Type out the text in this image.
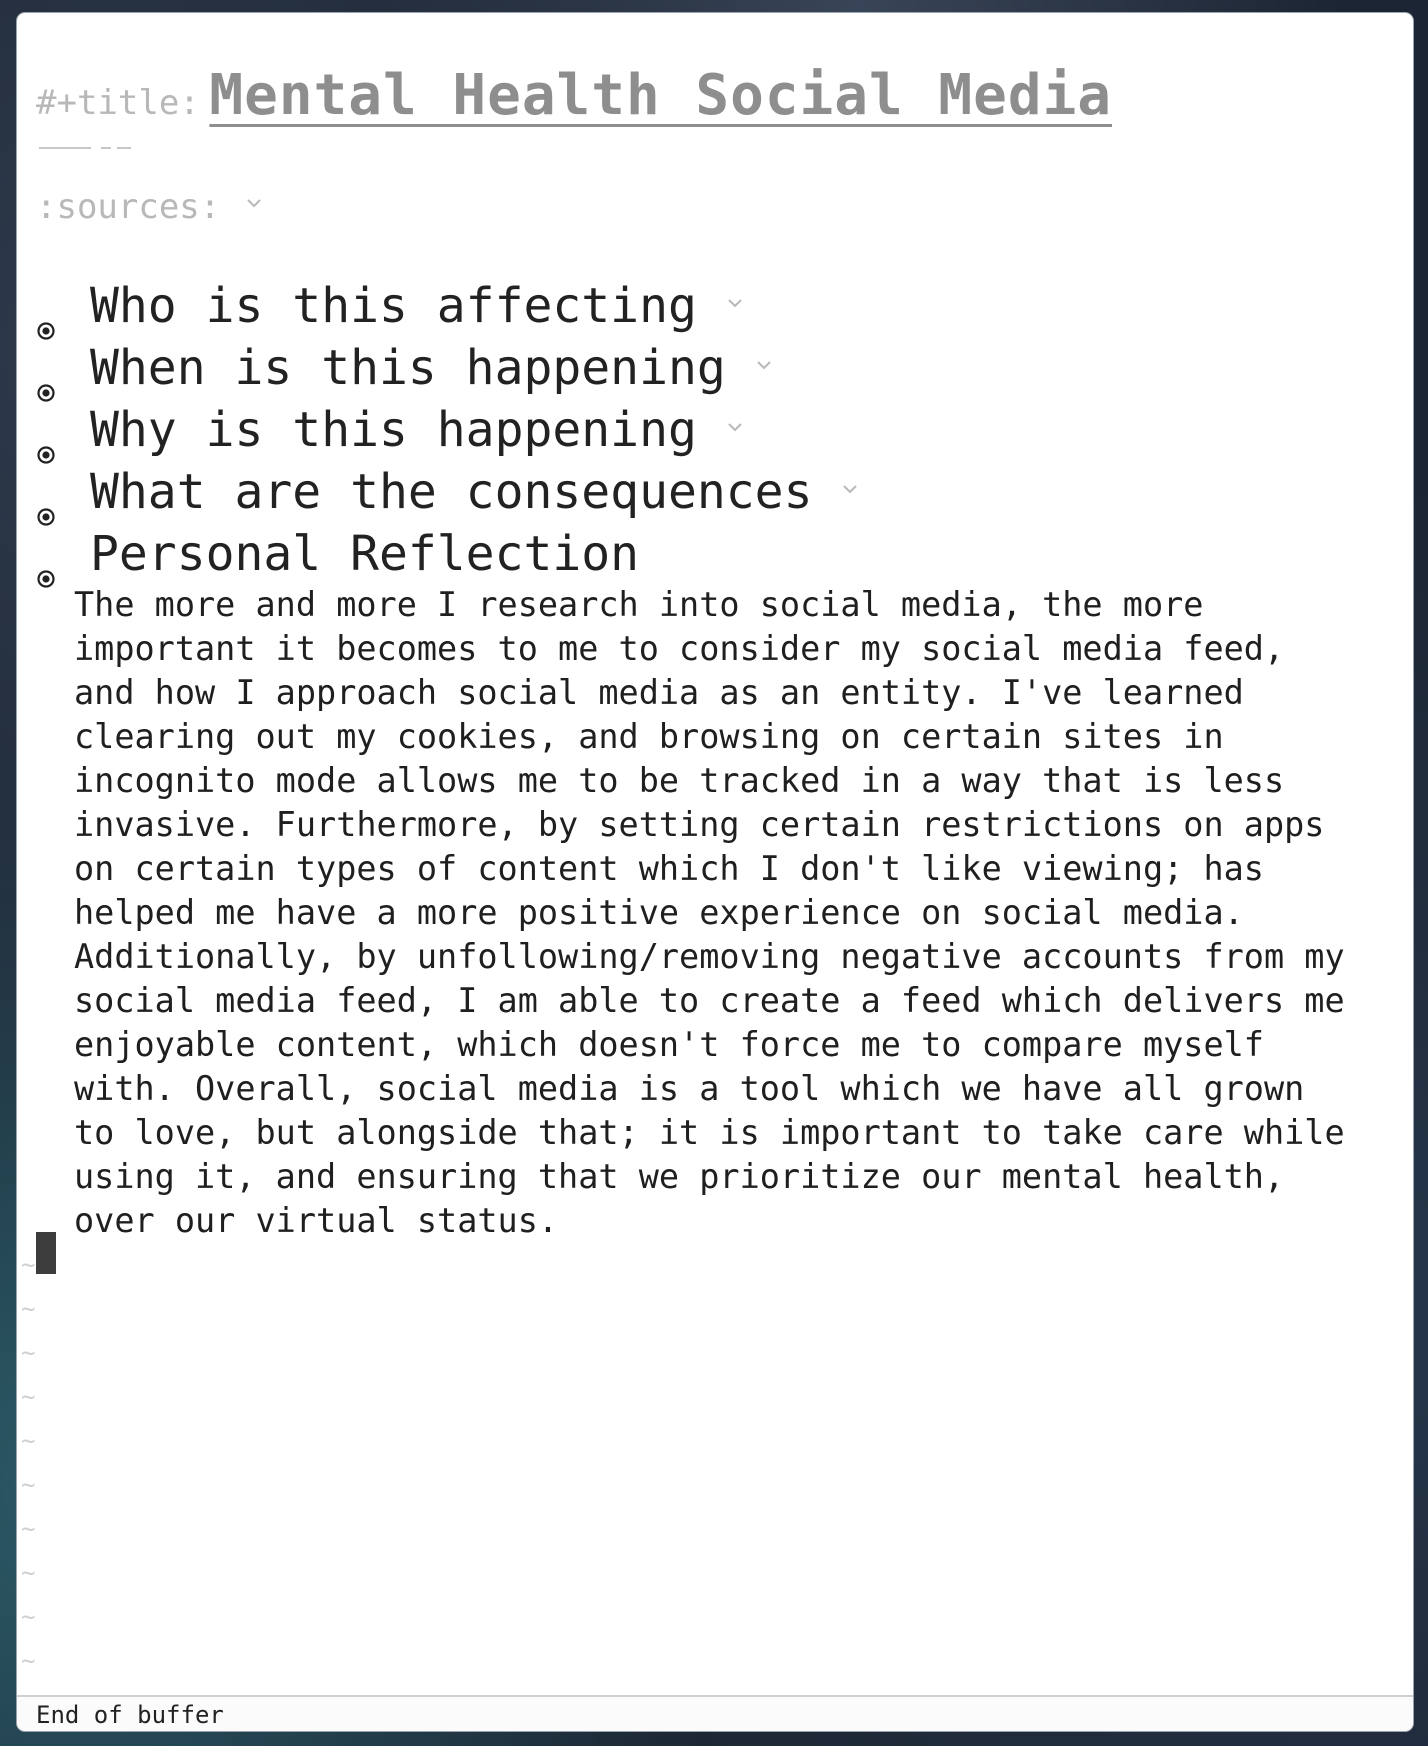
#+title: Mental Health Social Media
:sources:
Who is this affecting
When is this happening
Why is this happening
What are the consequences
Personal Reflection
The more and more I research into social media, the more
important it becomes to me to consider my social media feed,
and how I approach social media as an entity. I've learned
clearing out my cookies, and browsing on certain sites in
incognito mode allows me to be tracked in a way that is less
invasive. Furthermore, by setting certain restrictions on apps
on certain types of content which I don't like viewing; has
helped me have a more positive experience on social media.
Additionally, by unfollowing/removing negative accounts from my
social media feed, I am able to create a feed which delivers me
enjoyable content, which doesn't force me to compare myself
with. Overall, social media is a tool which we have all grown
to love, but alongside that; it is important to take care while
using it, and ensuring that we prioritize our mental health,
over our virtual status.
~
~
~
~
~
~
~
~
~
~
End of buffer
